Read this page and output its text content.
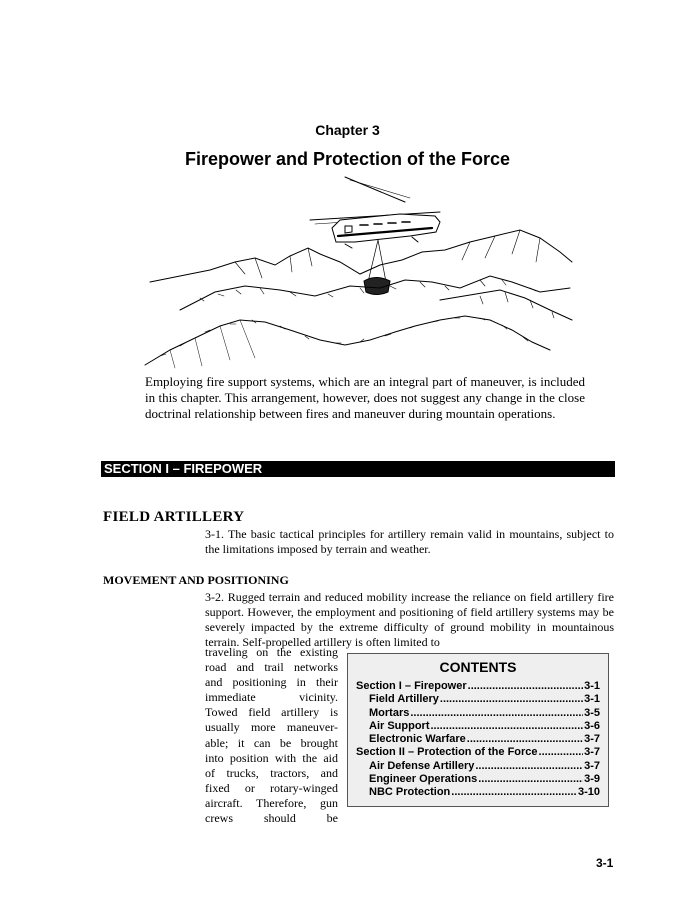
Chapter 3
Firepower and Protection of the Force
Employing fire support systems, which are an integral part of maneuver, is included in this chapter. This arrangement, however, does not suggest any change in the close doctrinal relationship between fires and maneuver during mountain operations.
SECTION I – FIREPOWER
FIELD ARTILLERY
3-1. The basic tactical principles for artillery remain valid in mountains, subject to the limitations imposed by terrain and weather.
MOVEMENT AND POSITIONING
3-2. Rugged terrain and reduced mobility increase the reliance on field artillery fire support. However, the employment and positioning of field artillery systems may be severely impacted by the extreme difficulty of ground mobility in mountainous terrain. Self-propelled artillery is often limited to
traveling on the existing
road and trail networks
and positioning in their
immediate vicinity.
Towed field artillery is
usually more maneuver-
able; it can be brought
into position with the aid
of trucks, tractors, and
fixed or rotary-winged
aircraft. Therefore, gun
crews should be
CONTENTS
Section I – Firepower .....	3-1
Field Artillery .....	3-1
Mortars .....	3-5
Air Support .....	3-6
Electronic Warfare .....	3-7
Section II – Protection of the Force .....	3-7
Air Defense Artillery .....	3-7
Engineer Operations .....	3-9
NBC Protection .....	3-10
3-1
